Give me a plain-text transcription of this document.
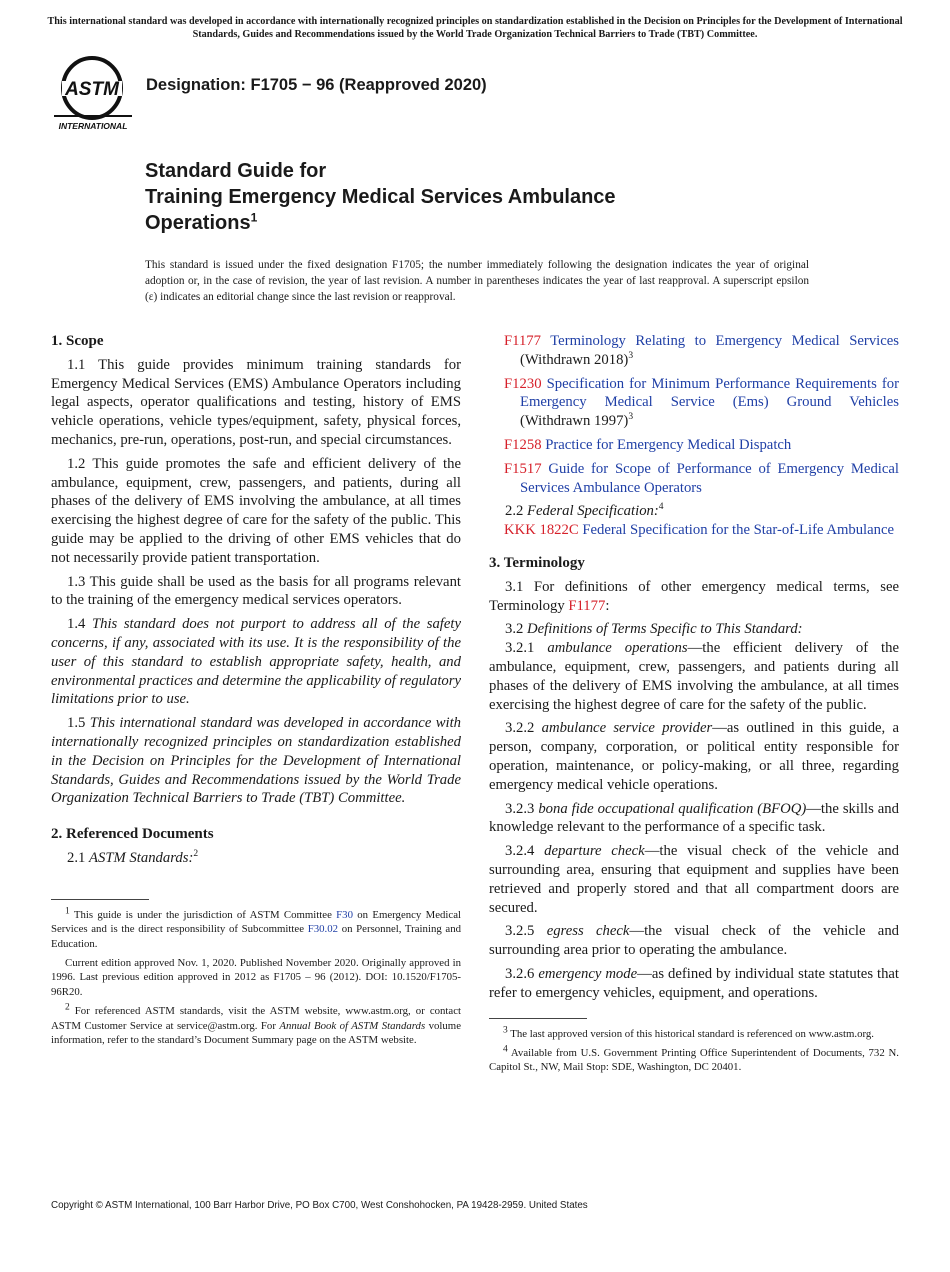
This international standard was developed in accordance with internationally recognized principles on standardization established in the Decision on Principles for the Development of International Standards, Guides and Recommendations issued by the World Trade Organization Technical Barriers to Trade (TBT) Committee.
ASTM
INTERNATIONAL
Designation: F1705 − 96 (Reapproved 2020)
Standard Guide for
Training Emergency Medical Services Ambulance
Operations$^1$
This standard is issued under the fixed designation F1705; the number immediately following the designation indicates the year of original adoption or, in the case of revision, the year of last revision. A number in parentheses indicates the year of last reapproval. A superscript epsilon (ε) indicates an editorial change since the last revision or reapproval.
1. Scope

1.1 This guide provides minimum training standards for Emergency Medical Services (EMS) Ambulance Operators including legal aspects, operator qualifications and testing, history of EMS vehicle operations, vehicle types/equipment, safety, physical forces, mechanics, pre-run, operations, post-run, and special circumstances.

1.2 This guide promotes the safe and efficient delivery of the ambulance, equipment, crew, passengers, and patients, during all phases of the delivery of EMS involving the ambulance, at all times exercising the highest degree of care for the safety of the public. This guide may be applied to the driving of other EMS vehicles that do not necessarily provide patient transportation.

1.3 This guide shall be used as the basis for all programs relevant to the training of the emergency medical services operators.

1.4 This standard does not purport to address all of the safety concerns, if any, associated with its use. It is the responsibility of the user of this standard to establish appropriate safety, health, and environmental practices and determine the applicability of regulatory limitations prior to use.

1.5 This international standard was developed in accordance with internationally recognized principles on standardization established in the Decision on Principles for the Development of International Standards, Guides and Recommendations issued by the World Trade Organization Technical Barriers to Trade (TBT) Committee.

2. Referenced Documents

2.1 ASTM Standards:$^2$

$^1$ This guide is under the jurisdiction of ASTM Committee F30 on Emergency Medical Services and is the direct responsibility of Subcommittee F30.02 on Personnel, Training and Education.

Current edition approved Nov. 1, 2020. Published November 2020. Originally approved in 1996. Last previous edition approved in 2012 as F1705 – 96 (2012). DOI: 10.1520/F1705-96R20.

$^2$ For referenced ASTM standards, visit the ASTM website, www.astm.org, or contact ASTM Customer Service at service@astm.org. For Annual Book of ASTM Standards volume information, refer to the standard’s Document Summary page on the ASTM website.

F1177 Terminology Relating to Emergency Medical Services (Withdrawn 2018)$^3$

F1230 Specification for Minimum Performance Requirements for Emergency Medical Service (Ems) Ground Vehicles (Withdrawn 1997)$^3$

F1258 Practice for Emergency Medical Dispatch

F1517 Guide for Scope of Performance of Emergency Medical Services Ambulance Operators

2.2 Federal Specification:$^4$

KKK 1822C Federal Specification for the Star-of-Life Ambulance

3. Terminology

3.1 For definitions of other emergency medical terms, see Terminology F1177:

3.2 Definitions of Terms Specific to This Standard:

3.2.1 ambulance operations—the efficient delivery of the ambulance, equipment, crew, passengers, and patients during all phases of the delivery of EMS involving the ambulance, at all times exercising the highest degree of care for the safety of the public.

3.2.2 ambulance service provider—as outlined in this guide, a person, company, corporation, or political entity responsible for operation, maintenance, or policy-making, or all three, regarding emergency medical vehicle operations.

3.2.3 bona fide occupational qualification (BFOQ)—the skills and knowledge relevant to the performance of a specific task.

3.2.4 departure check—the visual check of the vehicle and surrounding area, ensuring that equipment and supplies have been retrieved and properly stored and that all compartment doors are secured.

3.2.5 egress check—the visual check of the vehicle and surrounding area prior to operating the ambulance.

3.2.6 emergency mode—as defined by individual state statutes that refer to emergency vehicles, equipment, and operations.

$^3$ The last approved version of this historical standard is referenced on www.astm.org.

$^4$ Available from U.S. Government Printing Office Superintendent of Documents, 732 N. Capitol St., NW, Mail Stop: SDE, Washington, DC 20401.

Copyright © ASTM International, 100 Barr Harbor Drive, PO Box C700, West Conshohocken, PA 19428-2959. United States
